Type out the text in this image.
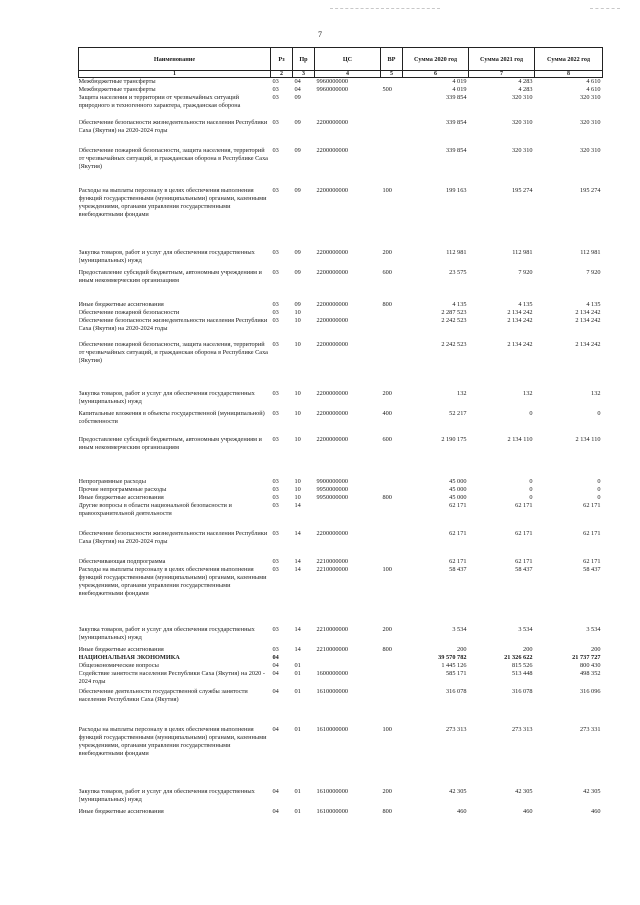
7
Наименование	Рз	Пр	ЦС	ВР	Сумма 2020 год	Сумма 2021 год	Сумма 2022 год
1	2	3	4	5	6	7	8
Межбюджетные трансферты	03	04	9960000000		4 019	4 283	4 610
Межбюджетные трансферты	03	04	9960000000	500	4 019	4 283	4 610
Защита населения и территории от чрезвычайных ситуаций природного и техногенного характера, гражданская оборона	03	09			339 854	320 310	320 310
Обеспечение безопасности жизнедеятельности населения Республики Саха (Якутия) на 2020-2024 годы	03	09	2200000000		339 854	320 310	320 310
Обеспечение пожарной безопасности, защита населения, территорий от чрезвычайных ситуаций, и гражданская оборона в Республике Саха (Якутия)	03	09	2200000000		339 854	320 310	320 310
Расходы на выплаты персоналу в целях обеспечения выполнения функций государственными (муниципальными) органами, казенными учреждениями, органами управления государственными внебюджетными фондами	03	09	2200000000	100	199 163	195 274	195 274
Закупка товаров, работ и услуг для обеспечения государственных (муниципальных) нужд	03	09	2200000000	200	112 981	112 981	112 981
Предоставление субсидий бюджетным, автономным учреждениям и иным некоммерческим организациям	03	09	2200000000	600	23 575	7 920	7 920
Иные бюджетные ассигнования	03	09	2200000000	800	4 135	4 135	4 135
Обеспечение пожарной безопасности	03	10			2 287 523	2 134 242	2 134 242
Обеспечение безопасности жизнедеятельности населения Республики Саха (Якутия) на 2020-2024 годы	03	10	2200000000		2 242 523	2 134 242	2 134 242
Обеспечение пожарной безопасности, защита населения, территорий от чрезвычайных ситуаций, и гражданская оборона в Республике Саха (Якутия)	03	10	2200000000		2 242 523	2 134 242	2 134 242
Закупка товаров, работ и услуг для обеспечения государственных (муниципальных) нужд	03	10	2200000000	200	132	132	132
Капитальные вложения в объекты государственной (муниципальной) собственности	03	10	2200000000	400	52 217	0	0
Предоставление субсидий бюджетным, автономным учреждениям и иным некоммерческим организациям	03	10	2200000000	600	2 190 175	2 134 110	2 134 110
Непрограммные расходы	03	10	9900000000		45 000	0	0
Прочие непрограммные расходы	03	10	9950000000		45 000	0	0
Иные бюджетные ассигнования	03	10	9950000000	800	45 000	0	0
Другие вопросы в области национальной безопасности и правоохранительной деятельности	03	14			62 171	62 171	62 171
Обеспечение безопасности жизнедеятельности населения Республики Саха (Якутия) на 2020-2024 годы	03	14	2200000000		62 171	62 171	62 171
Обеспечивающая подпрограмма	03	14	2210000000		62 171	62 171	62 171
Расходы на выплаты персоналу в целях обеспечения выполнения функций государственными (муниципальными) органами, казенными учреждениями, органами управления государственными внебюджетными фондами	03	14	2210000000	100	58 437	58 437	58 437
Закупка товаров, работ и услуг для обеспечения государственных (муниципальных) нужд	03	14	2210000000	200	3 534	3 534	3 534
Иные бюджетные ассигнования	03	14	2210000000	800	200	200	200
НАЦИОНАЛЬНАЯ ЭКОНОМИКА	04				39 570 782	21 326 622	21 737 727
Общеэкономические вопросы	04	01			1 445 126	815 526	800 430
Содействие занятости населения Республики Саха (Якутия) на 2020 - 2024 годы	04	01	1600000000		585 171	513 448	498 352
Обеспечение деятельности государственной службы занятости населения Республики Саха (Якутия)	04	01	1610000000		316 078	316 078	316 096
Расходы на выплаты персоналу в целях обеспечения выполнения функций государственными (муниципальными) органами, казенными учреждениями, органами управления государственными внебюджетными фондами	04	01	1610000000	100	273 313	273 313	273 331
Закупка товаров, работ и услуг для обеспечения государственных (муниципальных) нужд	04	01	1610000000	200	42 305	42 305	42 305
Иные бюджетные ассигнования	04	01	1610000000	800	460	460	460
